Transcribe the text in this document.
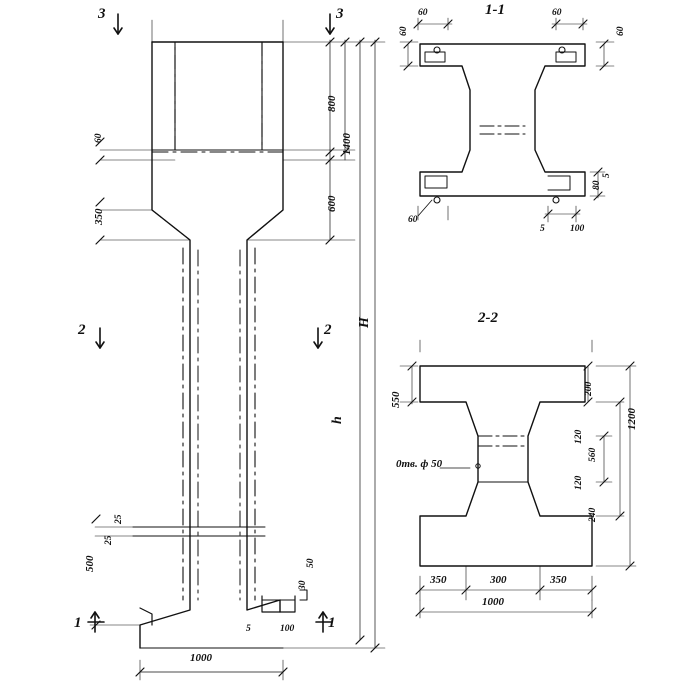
3	3
2	2
1	1
1-1
2-2
800
1400
600
H
h
350
60
500
25
25
1000
5	100
50
30
60
60
60
60
60
5	100
5
80
550
200
120
560
120
240
1200
350	300	350
1000
0тв. ф 50
